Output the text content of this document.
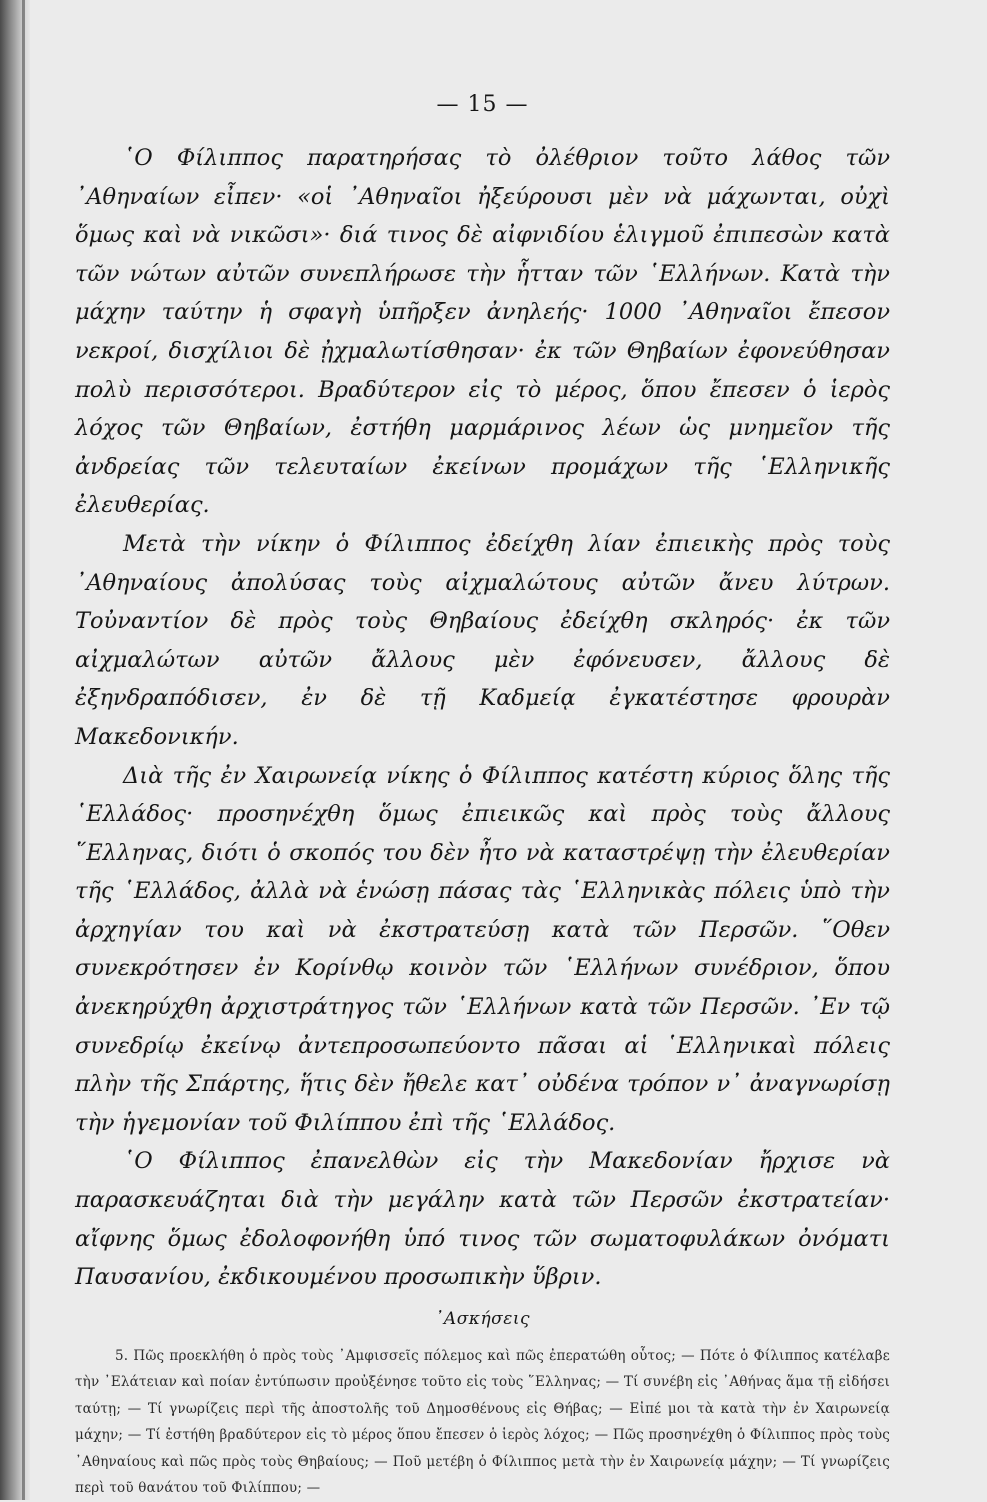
— 15 —

῾Ο Φίλιππος παρατηρήσας τὸ ὀλέθριον τοῦτο λάθος τῶν ᾿Αθηναίων εἶπεν· «οἱ ᾿Αθηναῖοι ἠξεύρουσι μὲν νὰ μάχωνται, οὐχὶ ὅμως καὶ νὰ νικῶσι»· διά τινος δὲ αἰφνιδίου ἑλιγμοῦ ἐπιπεσὼν κατὰ τῶν νώτων αὐτῶν συνεπλήρωσε τὴν ἧτταν τῶν ῾Ελλήνων. Κατὰ τὴν μάχην ταύτην ἡ σφαγὴ ὑπῆρξεν ἀνηλεής· 1000 ᾿Αθηναῖοι ἔπεσον νεκροί, δισχίλιοι δὲ ᾐχμαλωτίσθησαν· ἐκ τῶν Θηβαίων ἐφονεύθησαν πολὺ περισσότεροι. Βραδύτερον εἰς τὸ μέρος, ὅπου ἔπεσεν ὁ ἱερὸς λόχος τῶν Θηβαίων, ἐστήθη μαρμάρινος λέων ὡς μνημεῖον τῆς ἀνδρείας τῶν τελευταίων ἐκείνων προμάχων τῆς ῾Ελληνικῆς ἐλευθερίας.

Μετὰ τὴν νίκην ὁ Φίλιππος ἐδείχθη λίαν ἐπιεικὴς πρὸς τοὺς ᾿Αθηναίους ἀπολύσας τοὺς αἰχμαλώτους αὐτῶν ἄνευ λύτρων. Τοὐναντίον δὲ πρὸς τοὺς Θηβαίους ἐδείχθη σκληρός· ἐκ τῶν αἰχμαλώτων αὐτῶν ἄλλους μὲν ἐφόνευσεν, ἄλλους δὲ ἐξηνδραπόδισεν, ἐν δὲ τῇ Καδμείᾳ ἐγκατέστησε φρουρὰν Μακεδονικήν.

Διὰ τῆς ἐν Χαιρωνείᾳ νίκης ὁ Φίλιππος κατέστη κύριος ὅλης τῆς ῾Ελλάδος· προσηνέχθη ὅμως ἐπιεικῶς καὶ πρὸς τοὺς ἄλλους ῞Ελληνας, διότι ὁ σκοπός του δὲν ἦτο νὰ καταστρέψῃ τὴν ἐλευθερίαν τῆς ῾Ελλάδος, ἀλλὰ νὰ ἑνώσῃ πάσας τὰς ῾Ελληνικὰς πόλεις ὑπὸ τὴν ἀρχηγίαν του καὶ νὰ ἐκστρατεύσῃ κατὰ τῶν Περσῶν. ῞Οθεν συνεκρότησεν ἐν Κορίνθῳ κοινὸν τῶν ῾Ελλήνων συνέδριον, ὅπου ἀνεκηρύχθη ἀρχιστράτηγος τῶν ῾Ελλήνων κατὰ τῶν Περσῶν. ᾿Εν τῷ συνεδρίῳ ἐκείνῳ ἀντεπροσωπεύοντο πᾶσαι αἱ ῾Ελληνικαὶ πόλεις πλὴν τῆς Σπάρτης, ἥτις δὲν ἤθελε κατ᾿ οὐδένα τρόπον ν᾿ ἀναγνωρίσῃ τὴν ἡγεμονίαν τοῦ Φιλίππου ἐπὶ τῆς ῾Ελλάδος.

῾Ο Φίλιππος ἐπανελθὼν εἰς τὴν Μακεδονίαν ἤρχισε νὰ παρασκευάζηται διὰ τὴν μεγάλην κατὰ τῶν Περσῶν ἐκστρατείαν· αἴφνης ὅμως ἐδολοφονήθη ὑπό τινος τῶν σωματοφυλάκων ὀνόματι Παυσανίου, ἐκδικουμένου προσωπικὴν ὕβριν.

᾿Ασκήσεις

5. Πῶς προεκλήθη ὁ πρὸς τοὺς ᾿Αμφισσεῖς πόλεμος καὶ πῶς ἐπερατώθη οὗτος; — Πότε ὁ Φίλιππος κατέλαβε τὴν ᾿Ελάτειαν καὶ ποίαν ἐντύπωσιν προὐξένησε τοῦτο εἰς τοὺς ῞Ελληνας; — Τί συνέβη εἰς ᾿Αθήνας ἅμα τῇ εἰδήσει ταύτῃ; — Τί γνωρίζεις περὶ τῆς ἀποστολῆς τοῦ Δημοσθένους εἰς Θήβας; — Εἰπέ μοι τὰ κατὰ τὴν ἐν Χαιρωνείᾳ μάχην; — Τί ἐστήθη βραδύτερον εἰς τὸ μέρος ὅπου ἔπεσεν ὁ ἱερὸς λόχος; — Πῶς προσηνέχθη ὁ Φίλιππος πρὸς τοὺς ᾿Αθηναίους καὶ πῶς πρὸς τοὺς Θηβαίους; — Ποῦ μετέβη ὁ Φίλιππος μετὰ τὴν ἐν Χαιρωνείᾳ μάχην; — Τί γνωρίζεις περὶ τοῦ θανάτου τοῦ Φιλίππου; —
